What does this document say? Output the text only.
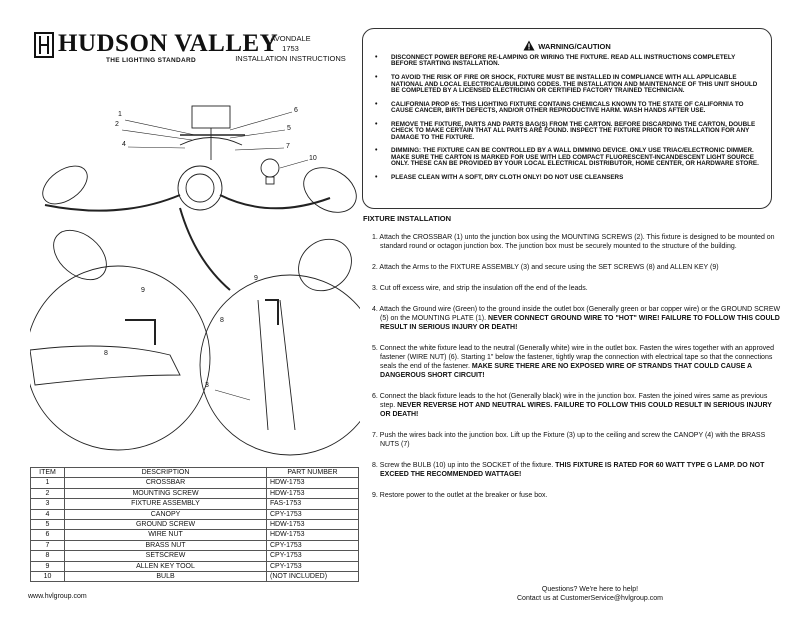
HUDSON VALLEY
THE LIGHTING STANDARD
AVONDALE
1753
INSTALLATION INSTRUCTIONS
WARNING/CAUTION
• DISCONNECT POWER BEFORE RE-LAMPING OR WIRING THE FIXTURE. READ ALL INSTRUCTIONS COMPLETELY BEFORE STARTING INSTALLATION.
• TO AVOID THE RISK OF FIRE OR SHOCK, FIXTURE MUST BE INSTALLED IN COMPLIANCE WITH ALL APPLICABLE NATIONAL AND LOCAL ELECTRICAL/BUILDING CODES. THE INSTALLATION AND MAINTENANCE OF THIS UNIT SHOULD BE COMPLETED BY A LICENSED ELECTRICIAN OR CERTIFIED FACTORY TRAINED TECHNICIAN.
• CALIFORNIA PROP 65: THIS LIGHTING FIXTURE CONTAINS CHEMICALS KNOWN TO THE STATE OF CALIFORNIA TO CAUSE CANCER, BIRTH DEFECTS, AND/OR OTHER REPRODUCTIVE HARM. WASH HANDS AFTER USE.
• REMOVE THE FIXTURE, PARTS AND PARTS BAG(S) FROM THE CARTON. BEFORE DISCARDING THE CARTON, DOUBLE CHECK TO MAKE CERTAIN THAT ALL PARTS ARE FOUND. INSPECT THE FIXTURE PRIOR TO INSTALLATION FOR ANY DAMAGE TO THE FIXTURE.
• DIMMING: THE FIXTURE CAN BE CONTROLLED BY A WALL DIMMING DEVICE. ONLY USE TRIAC/ELECTRONIC DIMMER. MAKE SURE THE CARTON IS MARKED FOR USE WITH LED COMPACT FLUORESCENT-INCANDESCENT LIGHT SOURCE ONLY. THESE CAN BE PROVIDED BY YOUR LOCAL ELECTRICAL DISTRIBUTOR, HOME CENTER, OR HARDWARE STORE.
• PLEASE CLEAN WITH A SOFT, DRY CLOTH ONLY! DO NOT USE CLEANSERS
1
2
4
6
5
7
10
9
9
8
8
3
FIXTURE INSTALLATION
1. Attach the CROSSBAR (1) unto the junction box using the MOUNTING SCREWS (2). This fixture is designed to be mounted on standard round or octagon junction box. The junction box must be securely mounted to the structure of the building.
2. Attach the Arms to the FIXTURE ASSEMBLY (3) and secure using the SET SCREWS (8) and ALLEN KEY (9)
3. Cut off excess wire, and strip the insulation off the end of the leads.
4. Attach the Ground wire (Green) to the ground inside the outlet box (Generally green or bar copper wire) or the GROUND SCREW (5) on the MOUNTING PLATE (1). NEVER CONNECT GROUND WIRE TO "HOT" WIRE! FAILURE TO FOLLOW THIS COULD RESULT IN SERIOUS INJURY OR DEATH!
5. Connect the white fixture lead to the neutral (Generally white) wire in the outlet box. Fasten the wires together with an approved fastener (WIRE NUT) (6). Starting 1" below the fastener, tightly wrap the connection with electrical tape so that the connections seals the end of the fastener. MAKE SURE THERE ARE NO EXPOSED WIRE OF STRANDS THAT COULD CAUSE A DANGEROUS SHORT CIRCUIT!
6. Connect the black fixture leads to the hot (Generally black) wire in the junction box. Fasten the joined wires same as previous step. NEVER REVERSE HOT AND NEUTRAL WIRES. FAILURE TO FOLLOW THIS COULD RESULT IN SERIOUS INJURY OR DEATH!
7. Push the wires back into the junction box. Lift up the Fixture (3) up to the ceiling and screw the CANOPY (4) with the BRASS NUTS (7)
8. Screw the BULB (10) up into the SOCKET of the fixture. THIS FIXTURE IS RATED FOR 60 WATT TYPE G LAMP. DO NOT EXCEED THE RECOMMENDED WATTAGE!
9. Restore power to the outlet at the breaker or fuse box.
ITEM	DESCRIPTION	PART NUMBER
1	CROSSBAR	HDW-1753
2	MOUNTING SCREW	HDW-1753
3	FIXTURE ASSEMBLY	FAS-1753
4	CANOPY	CPY-1753
5	GROUND SCREW	HDW-1753
6	WIRE NUT	HDW-1753
7	BRASS NUT	CPY-1753
8	SETSCREW	CPY-1753
9	ALLEN KEY TOOL	CPY-1753
10	BULB	(NOT INCLUDED)
www.hvlgroup.com
Questions? We're here to help!
Contact us at CustomerService@hvlgroup.com
